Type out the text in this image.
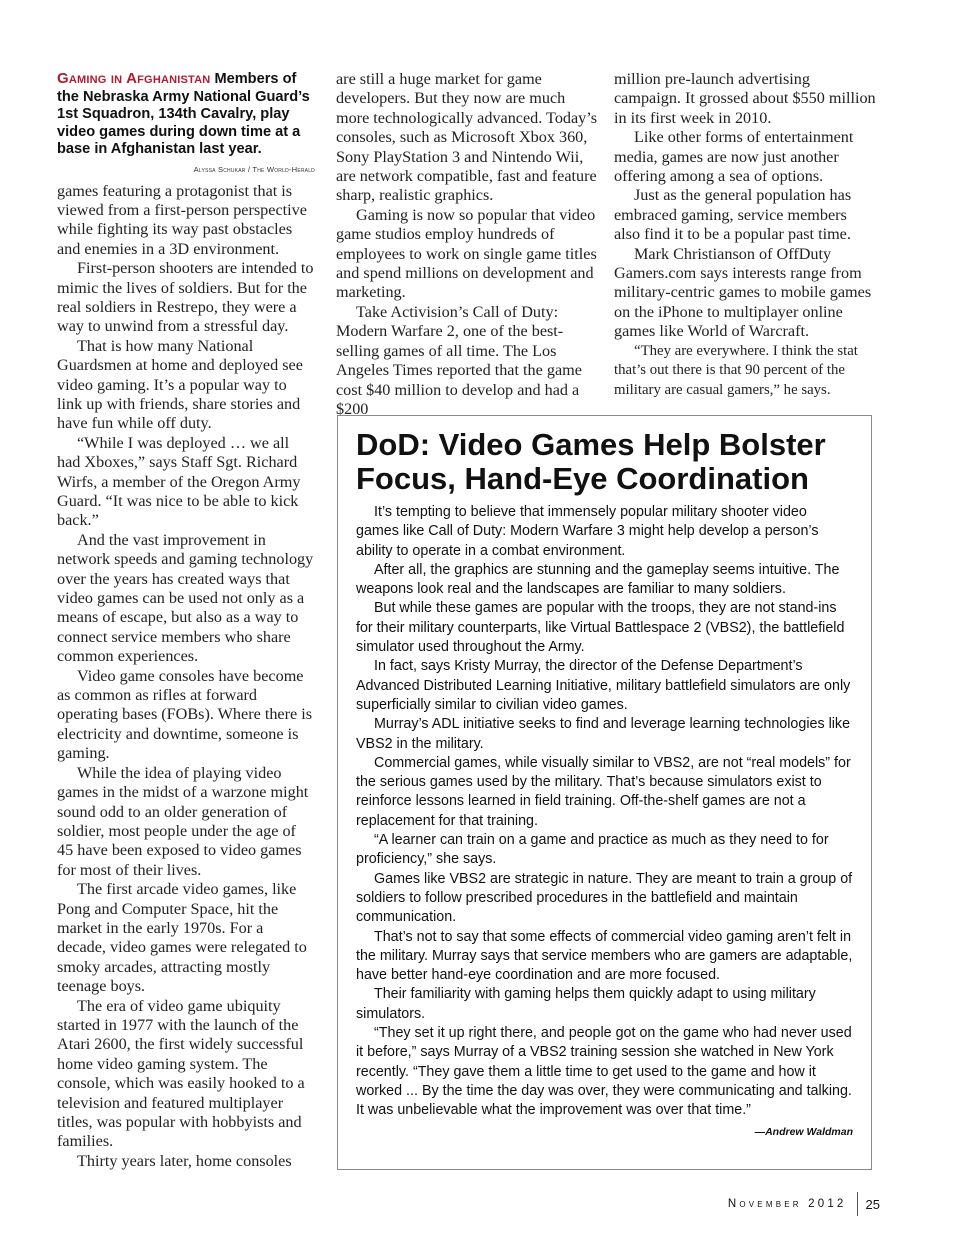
Gaming in Afghanistan Members of the Nebraska Army National Guard’s 1st Squadron, 134th Cavalry, play video games during down time at a base in Afghanistan last year.

Alyssa Schukar / The World-Herald

games featuring a protagonist that is viewed from a first-person perspective while fighting its way past obstacles and enemies in a 3D environment.

First-person shooters are intended to mimic the lives of soldiers. But for the real soldiers in Restrepo, they were a way to unwind from a stressful day.

That is how many National Guardsmen at home and deployed see video gaming. It’s a popular way to link up with friends, share stories and have fun while off duty.

“While I was deployed … we all had Xboxes,” says Staff Sgt. Richard Wirfs, a member of the Oregon Army Guard. “It was nice to be able to kick back.”

And the vast improvement in network speeds and gaming technology over the years has created ways that video games can be used not only as a means of escape, but also as a way to connect service members who share common experiences.

Video game consoles have become as common as rifles at forward operating bases (FOBs). Where there is electricity and downtime, someone is gaming.

While the idea of playing video games in the midst of a warzone might sound odd to an older generation of soldier, most people under the age of 45 have been exposed to video games for most of their lives.

The first arcade video games, like Pong and Computer Space, hit the market in the early 1970s. For a decade, video games were relegated to smoky arcades, attracting mostly teenage boys.

The era of video game ubiquity started in 1977 with the launch of the Atari 2600, the first widely successful home video gaming system. The console, which was easily hooked to a television and featured multiplayer titles, was popular with hobbyists and families.

Thirty years later, home consoles

are still a huge market for game developers. But they now are much more technologically advanced. Today’s consoles, such as Microsoft Xbox 360, Sony PlayStation 3 and Nintendo Wii, are network compatible, fast and feature sharp, realistic graphics.

Gaming is now so popular that video game studios employ hundreds of employees to work on single game titles and spend millions on development and marketing.

Take Activision’s Call of Duty: Modern Warfare 2, one of the best-selling games of all time. The Los Angeles Times reported that the game cost $40 million to develop and had a $200

million pre-launch advertising campaign. It grossed about $550 million in its first week in 2010.

Like other forms of entertainment media, games are now just another offering among a sea of options.

Just as the general population has embraced gaming, service members also find it to be a popular past time.

Mark Christianson of OffDuty Gamers.com says interests range from military-centric games to mobile games on the iPhone to multiplayer online games like World of Warcraft.

“They are everywhere. I think the stat that’s out there is that 90 percent of the military are casual gamers,” he says.

DoD: Video Games Help Bolster Focus, Hand-Eye Coordination

It’s tempting to believe that immensely popular military shooter video games like Call of Duty: Modern Warfare 3 might help develop a person’s ability to operate in a combat environment.

After all, the graphics are stunning and the gameplay seems intuitive. The weapons look real and the landscapes are familiar to many soldiers.

But while these games are popular with the troops, they are not stand-ins for their military counterparts, like Virtual Battlespace 2 (VBS2), the battlefield simulator used throughout the Army.

In fact, says Kristy Murray, the director of the Defense Department’s Advanced Distributed Learning Initiative, military battlefield simulators are only superficially similar to civilian video games.

Murray’s ADL initiative seeks to find and leverage learning technologies like VBS2 in the military.

Commercial games, while visually similar to VBS2, are not “real models” for the serious games used by the military. That’s because simulators exist to reinforce lessons learned in field training. Off-the-shelf games are not a replacement for that training.

“A learner can train on a game and practice as much as they need to for proficiency,” she says.

Games like VBS2 are strategic in nature. They are meant to train a group of soldiers to follow prescribed procedures in the battlefield and maintain communication.

That’s not to say that some effects of commercial video gaming aren’t felt in the military. Murray says that service members who are gamers are adaptable, have better hand-eye coordination and are more focused.

Their familiarity with gaming helps them quickly adapt to using military simulators.

“They set it up right there, and people got on the game who had never used it before,” says Murray of a VBS2 training session she watched in New York recently. “They gave them a little time to get used to the game and how it worked ... By the time the day was over, they were communicating and talking. It was unbelievable what the improvement was over that time.”

—Andrew Waldman
November 2012 25
